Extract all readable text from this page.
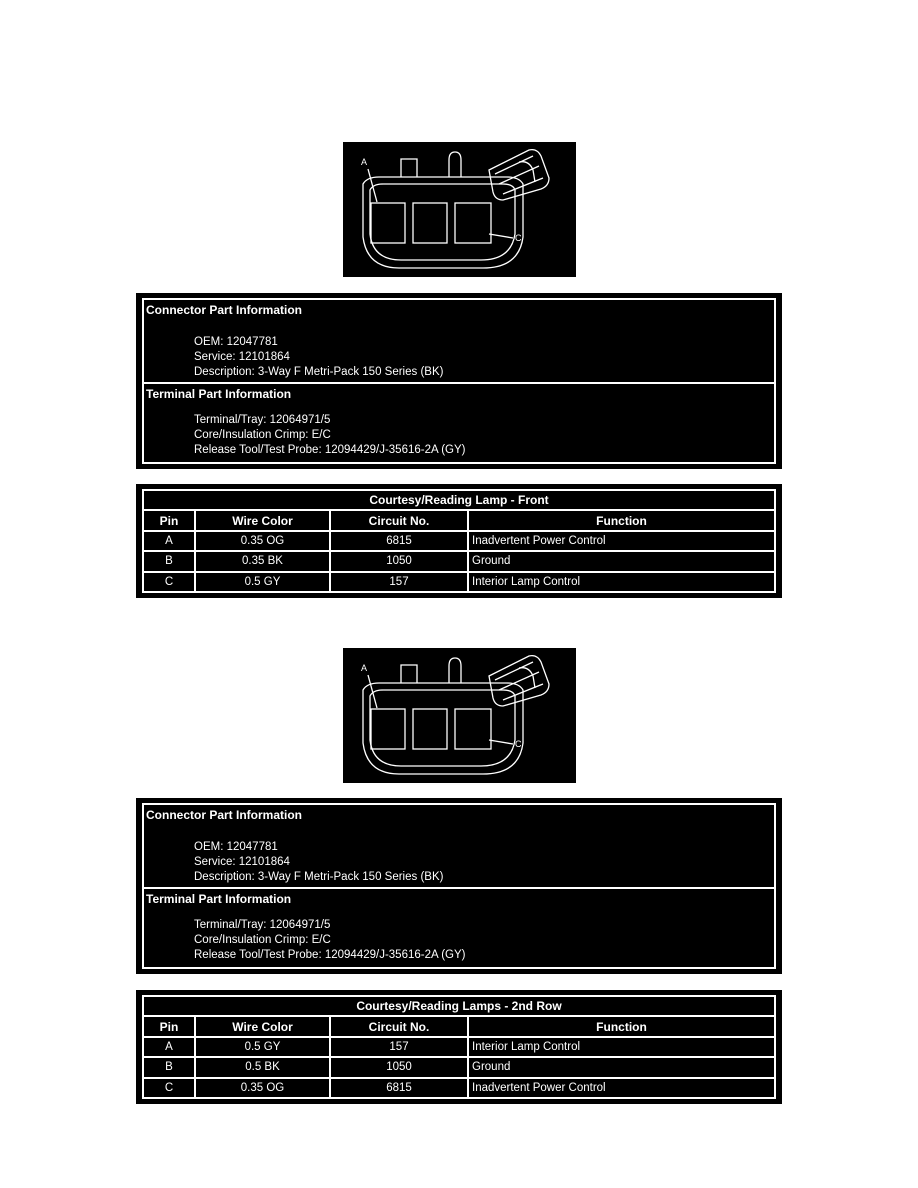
A
C
Connector Part Information
OEM: 12047781
Service: 12101864
Description: 3-Way F Metri-Pack 150 Series (BK)
Terminal Part Information
Terminal/Tray: 12064971/5
Core/Insulation Crimp: E/C
Release Tool/Test Probe: 12094429/J-35616-2A (GY)
Courtesy/Reading Lamp - Front			
Pin	Wire Color	Circuit No.	Function
A	0.35 OG	6815	Inadvertent Power Control
B	0.35 BK	1050	Ground
C	0.5 GY	157	Interior Lamp Control
A
C
Connector Part Information
OEM: 12047781
Service: 12101864
Description: 3-Way F Metri-Pack 150 Series (BK)
Terminal Part Information
Terminal/Tray: 12064971/5
Core/Insulation Crimp: E/C
Release Tool/Test Probe: 12094429/J-35616-2A (GY)
Courtesy/Reading Lamps - 2nd Row			
Pin	Wire Color	Circuit No.	Function
A	0.5 GY	157	Interior Lamp Control
B	0.5 BK	1050	Ground
C	0.35 OG	6815	Inadvertent Power Control
